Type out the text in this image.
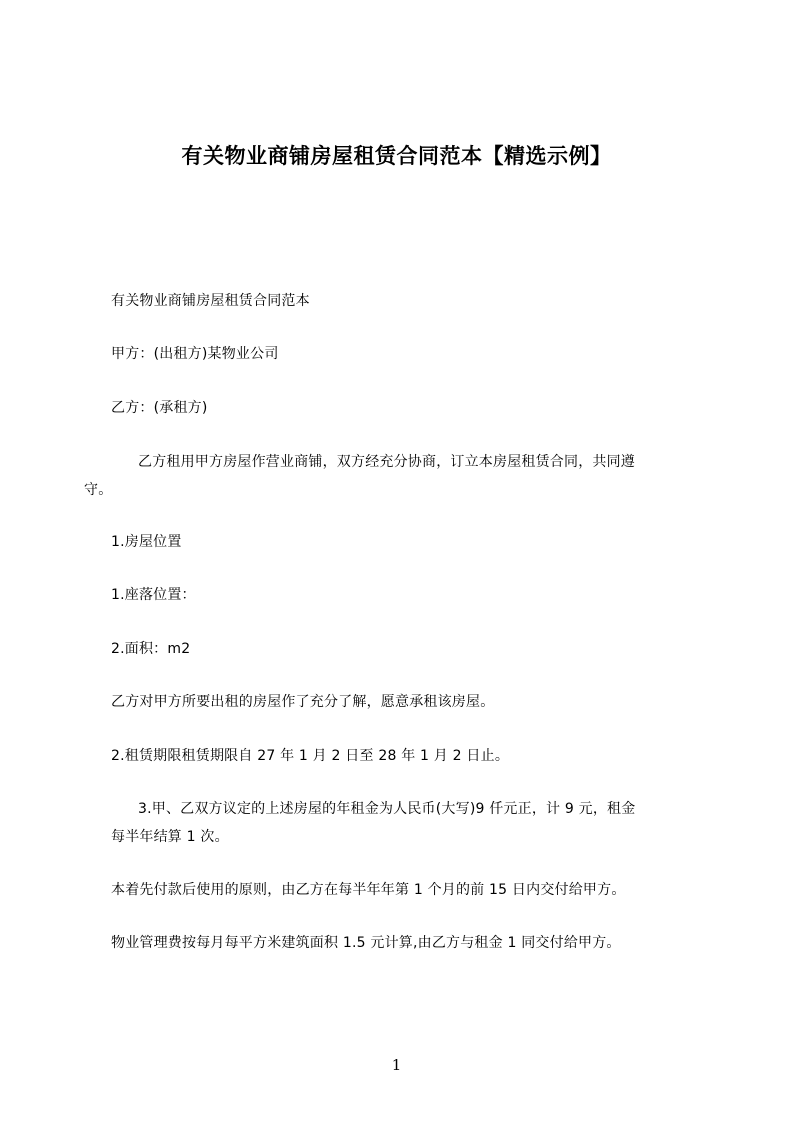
有关物业商铺房屋租赁合同范本【精选示例】
有关物业商铺房屋租赁合同范本
甲方：(出租方)某物业公司
乙方：(承租方)
乙方租用甲方房屋作营业商铺，双方经充分协商，订立本房屋租赁合同，共同遵
守。
1.房屋位置
1.座落位置：
2.面积：m2
乙方对甲方所要出租的房屋作了充分了解，愿意承租该房屋。
2.租赁期限租赁期限自 27 年 1 月 2 日至 28 年 1 月 2 日止。
3.甲、乙双方议定的上述房屋的年租金为人民币(大写)9 仟元正，计 9 元，租金
每半年结算 1 次。
本着先付款后使用的原则，由乙方在每半年年第 1 个月的前 15 日内交付给甲方。
物业管理费按每月每平方米建筑面积 1.5 元计算,由乙方与租金 1 同交付给甲方。
1
